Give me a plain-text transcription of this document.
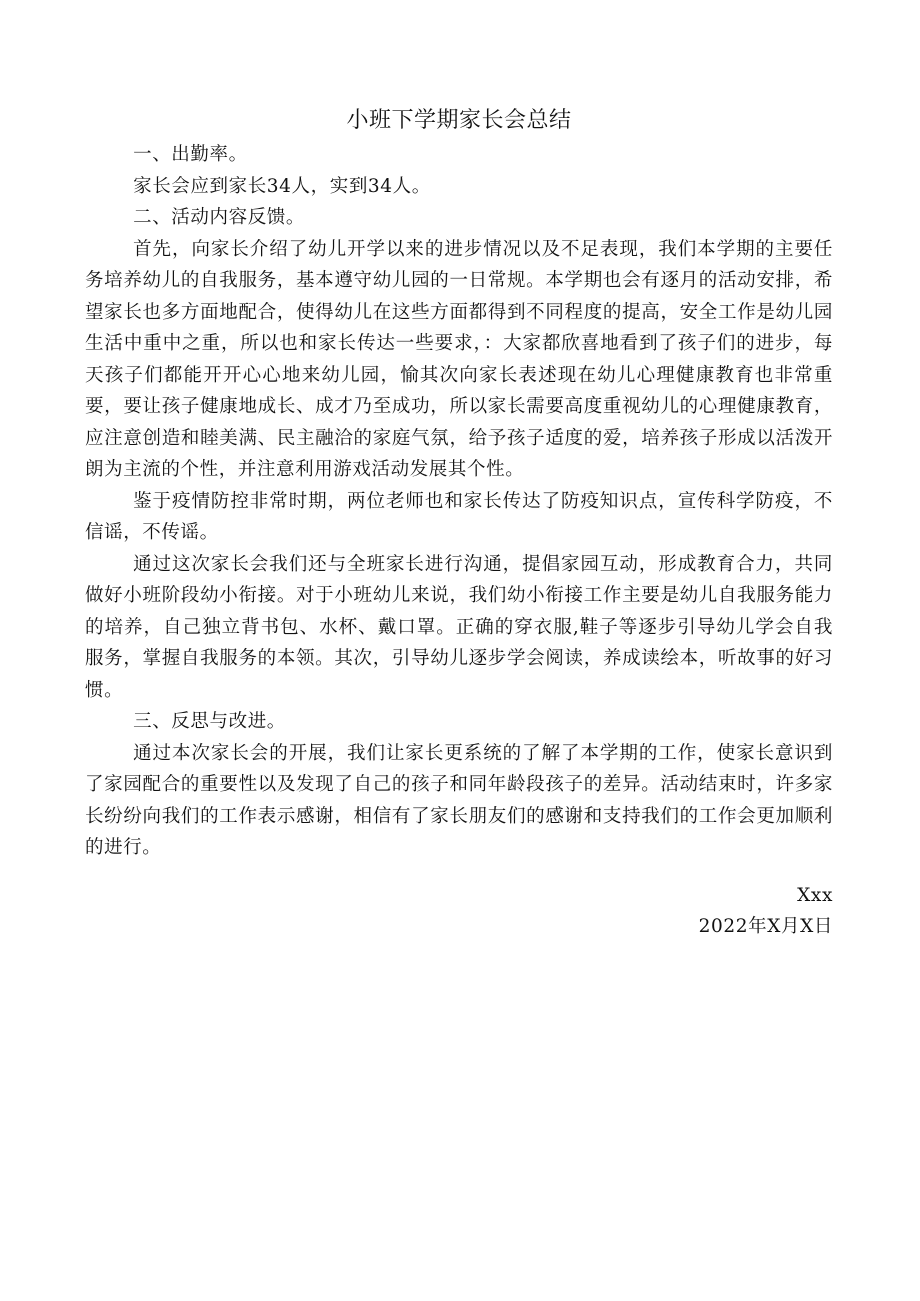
小班下学期家长会总结

一、出勤率。

家长会应到家长34人，实到34人。

二、活动内容反馈。

首先，向家长介绍了幼儿开学以来的进步情况以及不足表现，我们本学期的主要任务培养幼儿的自我服务，基本遵守幼儿园的一日常规。本学期也会有逐月的活动安排，希望家长也多方面地配合，使得幼儿在这些方面都得到不同程度的提高，安全工作是幼儿园生活中重中之重，所以也和家长传达一些要求，：大家都欣喜地看到了孩子们的进步，每天孩子们都能开开心心地来幼儿园，愉其次向家长表述现在幼儿心理健康教育也非常重要，要让孩子健康地成长、成才乃至成功，所以家长需要高度重视幼儿的心理健康教育，应注意创造和睦美满、民主融洽的家庭气氛，给予孩子适度的爱，培养孩子形成以活泼开朗为主流的个性，并注意利用游戏活动发展其个性。

鉴于疫情防控非常时期，两位老师也和家长传达了防疫知识点，宣传科学防疫，不信谣，不传谣。

通过这次家长会我们还与全班家长进行沟通，提倡家园互动，形成教育合力，共同做好小班阶段幼小衔接。对于小班幼儿来说，我们幼小衔接工作主要是幼儿自我服务能力的培养，自己独立背书包、水杯、戴口罩。正确的穿衣服,鞋子等逐步引导幼儿学会自我服务，掌握自我服务的本领。其次，引导幼儿逐步学会阅读，养成读绘本，听故事的好习惯。

三、反思与改进。

通过本次家长会的开展，我们让家长更系统的了解了本学期的工作，使家长意识到了家园配合的重要性以及发现了自己的孩子和同年龄段孩子的差异。活动结束时，许多家长纷纷向我们的工作表示感谢，相信有了家长朋友们的感谢和支持我们的工作会更加顺利的进行。

Xxx

2022年X月X日
